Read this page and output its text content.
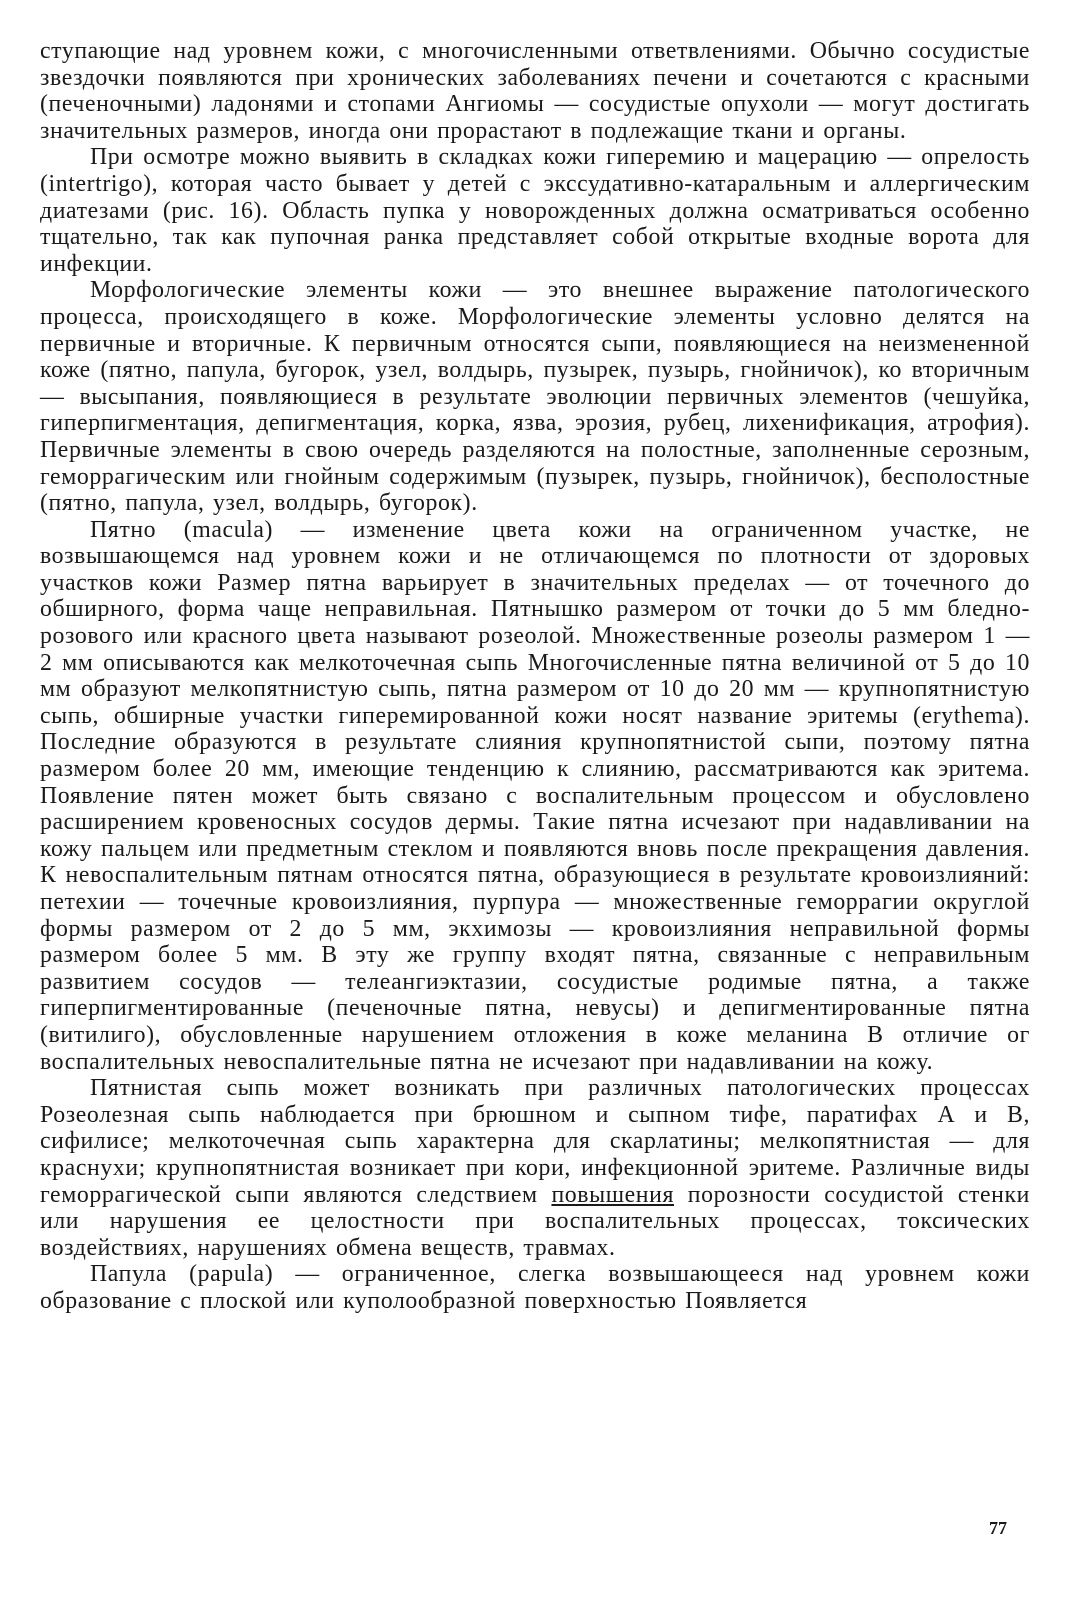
ступающие над уровнем кожи, с многочисленными ответвлениями. Обычно сосудистые звездочки появляются при хронических заболеваниях печени и сочетаются с красными (печеночными) ладонями и стопами Ангиомы — сосудистые опухоли — могут достигать значительных размеров, иногда они прорастают в подлежащие ткани и органы.

При осмотре можно выявить в складках кожи гиперемию и мацерацию — опрелость (intertrigo), которая часто бывает у детей с экссудативно-катаральным и аллергическим диатезами (рис. 16). Область пупка у новорожденных должна осматриваться особенно тщательно, так как пупочная ранка представляет собой открытые входные ворота для инфекции.

Морфологические элементы кожи — это внешнее выражение патологического процесса, происходящего в коже. Морфологические элементы условно делятся на первичные и вторичные. К первичным относятся сыпи, появляющиеся на неизмененной коже (пятно, папула, бугорок, узел, волдырь, пузырек, пузырь, гнойничок), ко вторичным — высыпания, появляющиеся в результате эволюции первичных элементов (чешуйка, гиперпигментация, депигментация, корка, язва, эрозия, рубец, лихенификация, атрофия). Первичные элементы в свою очередь разделяются на полостные, заполненные серозным, геморрагическим или гнойным содержимым (пузырек, пузырь, гнойничок), бесполостные (пятно, папула, узел, волдырь, бугорок).

Пятно (macula) — изменение цвета кожи на ограниченном участке, не возвышающемся над уровнем кожи и не отличающемся по плотности от здоровых участков кожи Размер пятна варьирует в значительных пределах — от точечного до обширного, форма чаще неправильная. Пятнышко размером от точки до 5 мм бледно-розового или красного цвета называют розеолой. Множественные розеолы размером 1 — 2 мм описываются как мелкоточечная сыпь Многочисленные пятна величиной от 5 до 10 мм образуют мелкопятнистую сыпь, пятна размером от 10 до 20 мм — крупнопятнистую сыпь, обширные участки гиперемированной кожи носят название эритемы (erythema). Последние образуются в результате слияния крупнопятнистой сыпи, поэтому пятна размером более 20 мм, имеющие тенденцию к слиянию, рассматриваются как эритема. Появление пятен может быть связано с воспалительным процессом и обусловлено расширением кровеносных сосудов дермы. Такие пятна исчезают при надавливании на кожу пальцем или предметным стеклом и появляются вновь после прекращения давления. К невоспалительным пятнам относятся пятна, образующиеся в результате кровоизлияний: петехии — точечные кровоизлияния, пурпура — множественные геморрагии округлой формы размером от 2 до 5 мм, экхимозы — кровоизлияния неправильной формы размером более 5 мм. В эту же группу входят пятна, связанные с неправильным развитием сосудов — телеангиэктазии, сосудистые родимые пятна, а также гиперпигментированные (печеночные пятна, невусы) и депигментированные пятна (витилиго), обусловленные нарушением отложения в коже меланина В отличие ог воспалительных невоспалительные пятна не исчезают при надавливании на кожу.

Пятнистая сыпь может возникать при различных патологических процессах Розеолезная сыпь наблюдается при брюшном и сыпном тифе, паратифах А и В, сифилисе; мелкоточечная сыпь характерна для скарлатины; мелкопятнистая — для краснухи; крупнопятнистая возникает при кори, инфекционной эритеме. Различные виды геморрагической сыпи являются следствием повышения порозности сосудистой стенки или нарушения ее целостности при воспалительных процессах, токсических воздействиях, нарушениях обмена веществ, травмах.

Папула (papula) — ограниченное, слегка возвышающееся над уровнем кожи образование с плоской или куполообразной поверхностью Появляется

77
